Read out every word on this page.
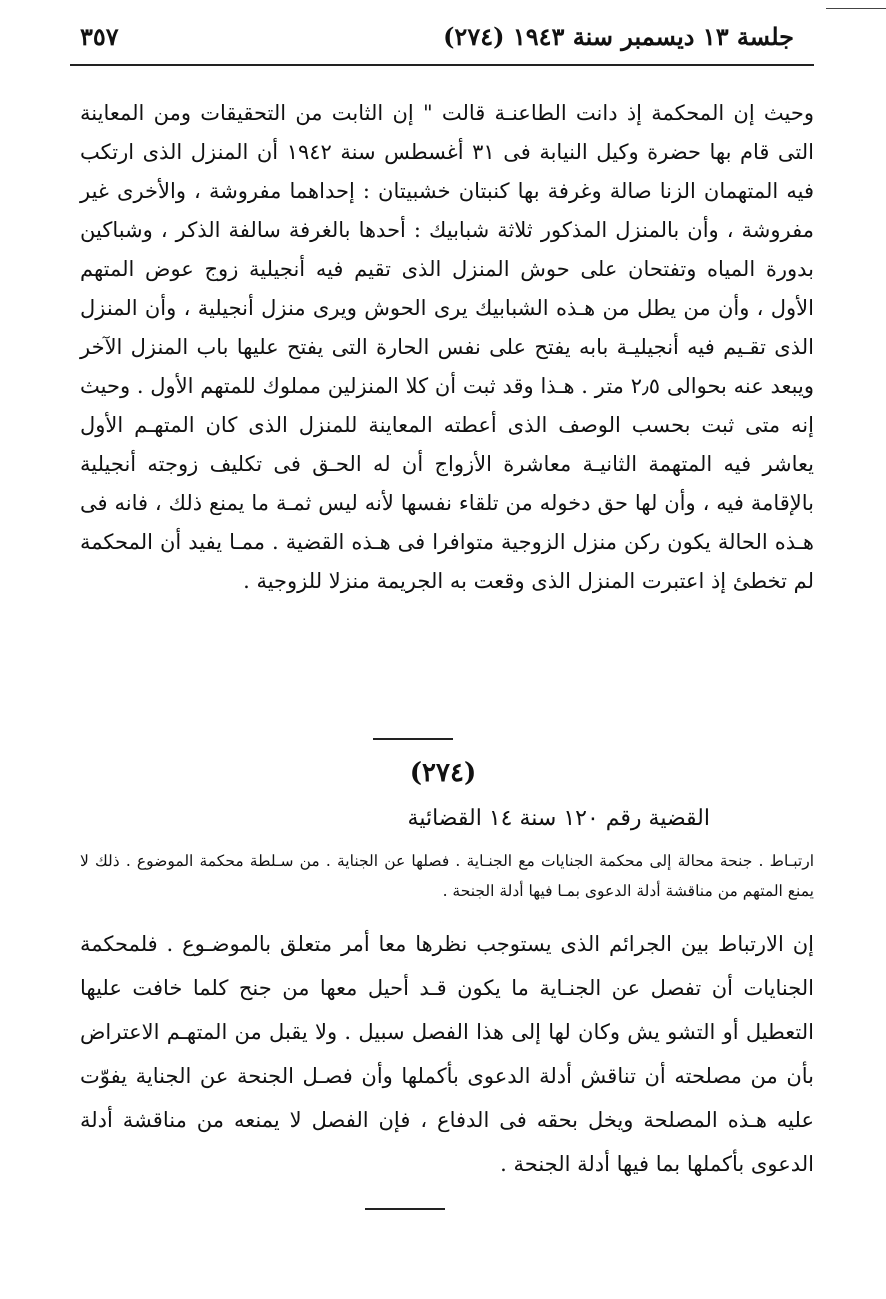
جلسة ١٣ ديسمبر سنة ١٩٤٣ (٢٧٤)
٣٥٧

وحيث إن المحكمة إذ دانت الطاعنـة قالت " إن الثابت من التحقيقات ومن المعاينة التى قام بها حضرة وكيل النيابة فى ٣١ أغسطس سنة ١٩٤٢ أن المنزل الذى ارتكب فيه المتهمان الزنا صالة وغرفة بها كنبتان خشبيتان : إحداهما مفروشة ، والأخرى غير مفروشة ، وأن بالمنزل المذكور ثلاثة شبابيك : أحدها بالغرفة سالفة الذكر ، وشباكين بدورة المياه وتفتحان على حوش المنزل الذى تقيم فيه أنجيلية زوج عوض المتهم الأول ، وأن من يطل من هـذه الشبابيك يرى الحوش ويرى منزل أنجيلية ، وأن المنزل الذى تقـيم فيه أنجيليـة بابه يفتح على نفس الحارة التى يفتح عليها باب المنزل الآخر ويبعد عنه بحوالى ٢٫٥ متر . هـذا وقد ثبت أن كلا المنزلين مملوك للمتهم الأول . وحيث إنه متى ثبت بحسب الوصف الذى أعطته المعاينة للمنزل الذى كان المتهـم الأول يعاشر فيه المتهمة الثانيـة معاشرة الأزواج أن له الحـق فى تكليف زوجته أنجيلية بالإقامة فيه ، وأن لها حق دخوله من تلقاء نفسها لأنه ليس ثمـة ما يمنع ذلك ، فانه فى هـذه الحالة يكون ركن منزل الزوجية متوافرا فى هـذه القضية . ممـا يفيد أن المحكمة لم تخطئ إذ اعتبرت المنزل الذى وقعت به الجريمة منزلا للزوجية .

(٢٧٤)
القضية رقم ١٢٠ سنة ١٤ القضائية

ارتبـاط . جنحة محالة إلى محكمة الجنايات مع الجنـاية . فصلها عن الجناية . من سـلطة محكمة الموضوع . ذلك لا يمنع المتهم من مناقشة أدلة الدعوى بمـا فيها أدلة الجنحة .

إن الارتباط بين الجرائم الذى يستوجب نظرها معا أمر متعلق بالموضـوع . فلمحكمة الجنايات أن تفصل عن الجنـاية ما يكون قـد أحيل معها من جنح كلما خافت عليها التعطيل أو التشو يش وكان لها إلى هذا الفصل سبيل . ولا يقبل من المتهـم الاعتراض بأن من مصلحته أن تناقش أدلة الدعوى بأكملها وأن فصـل الجنحة عن الجناية يفوّت عليه هـذه المصلحة ويخل بحقه فى الدفاع ، فإن الفصل لا يمنعه من مناقشة أدلة الدعوى بأكملها بما فيها أدلة الجنحة .
